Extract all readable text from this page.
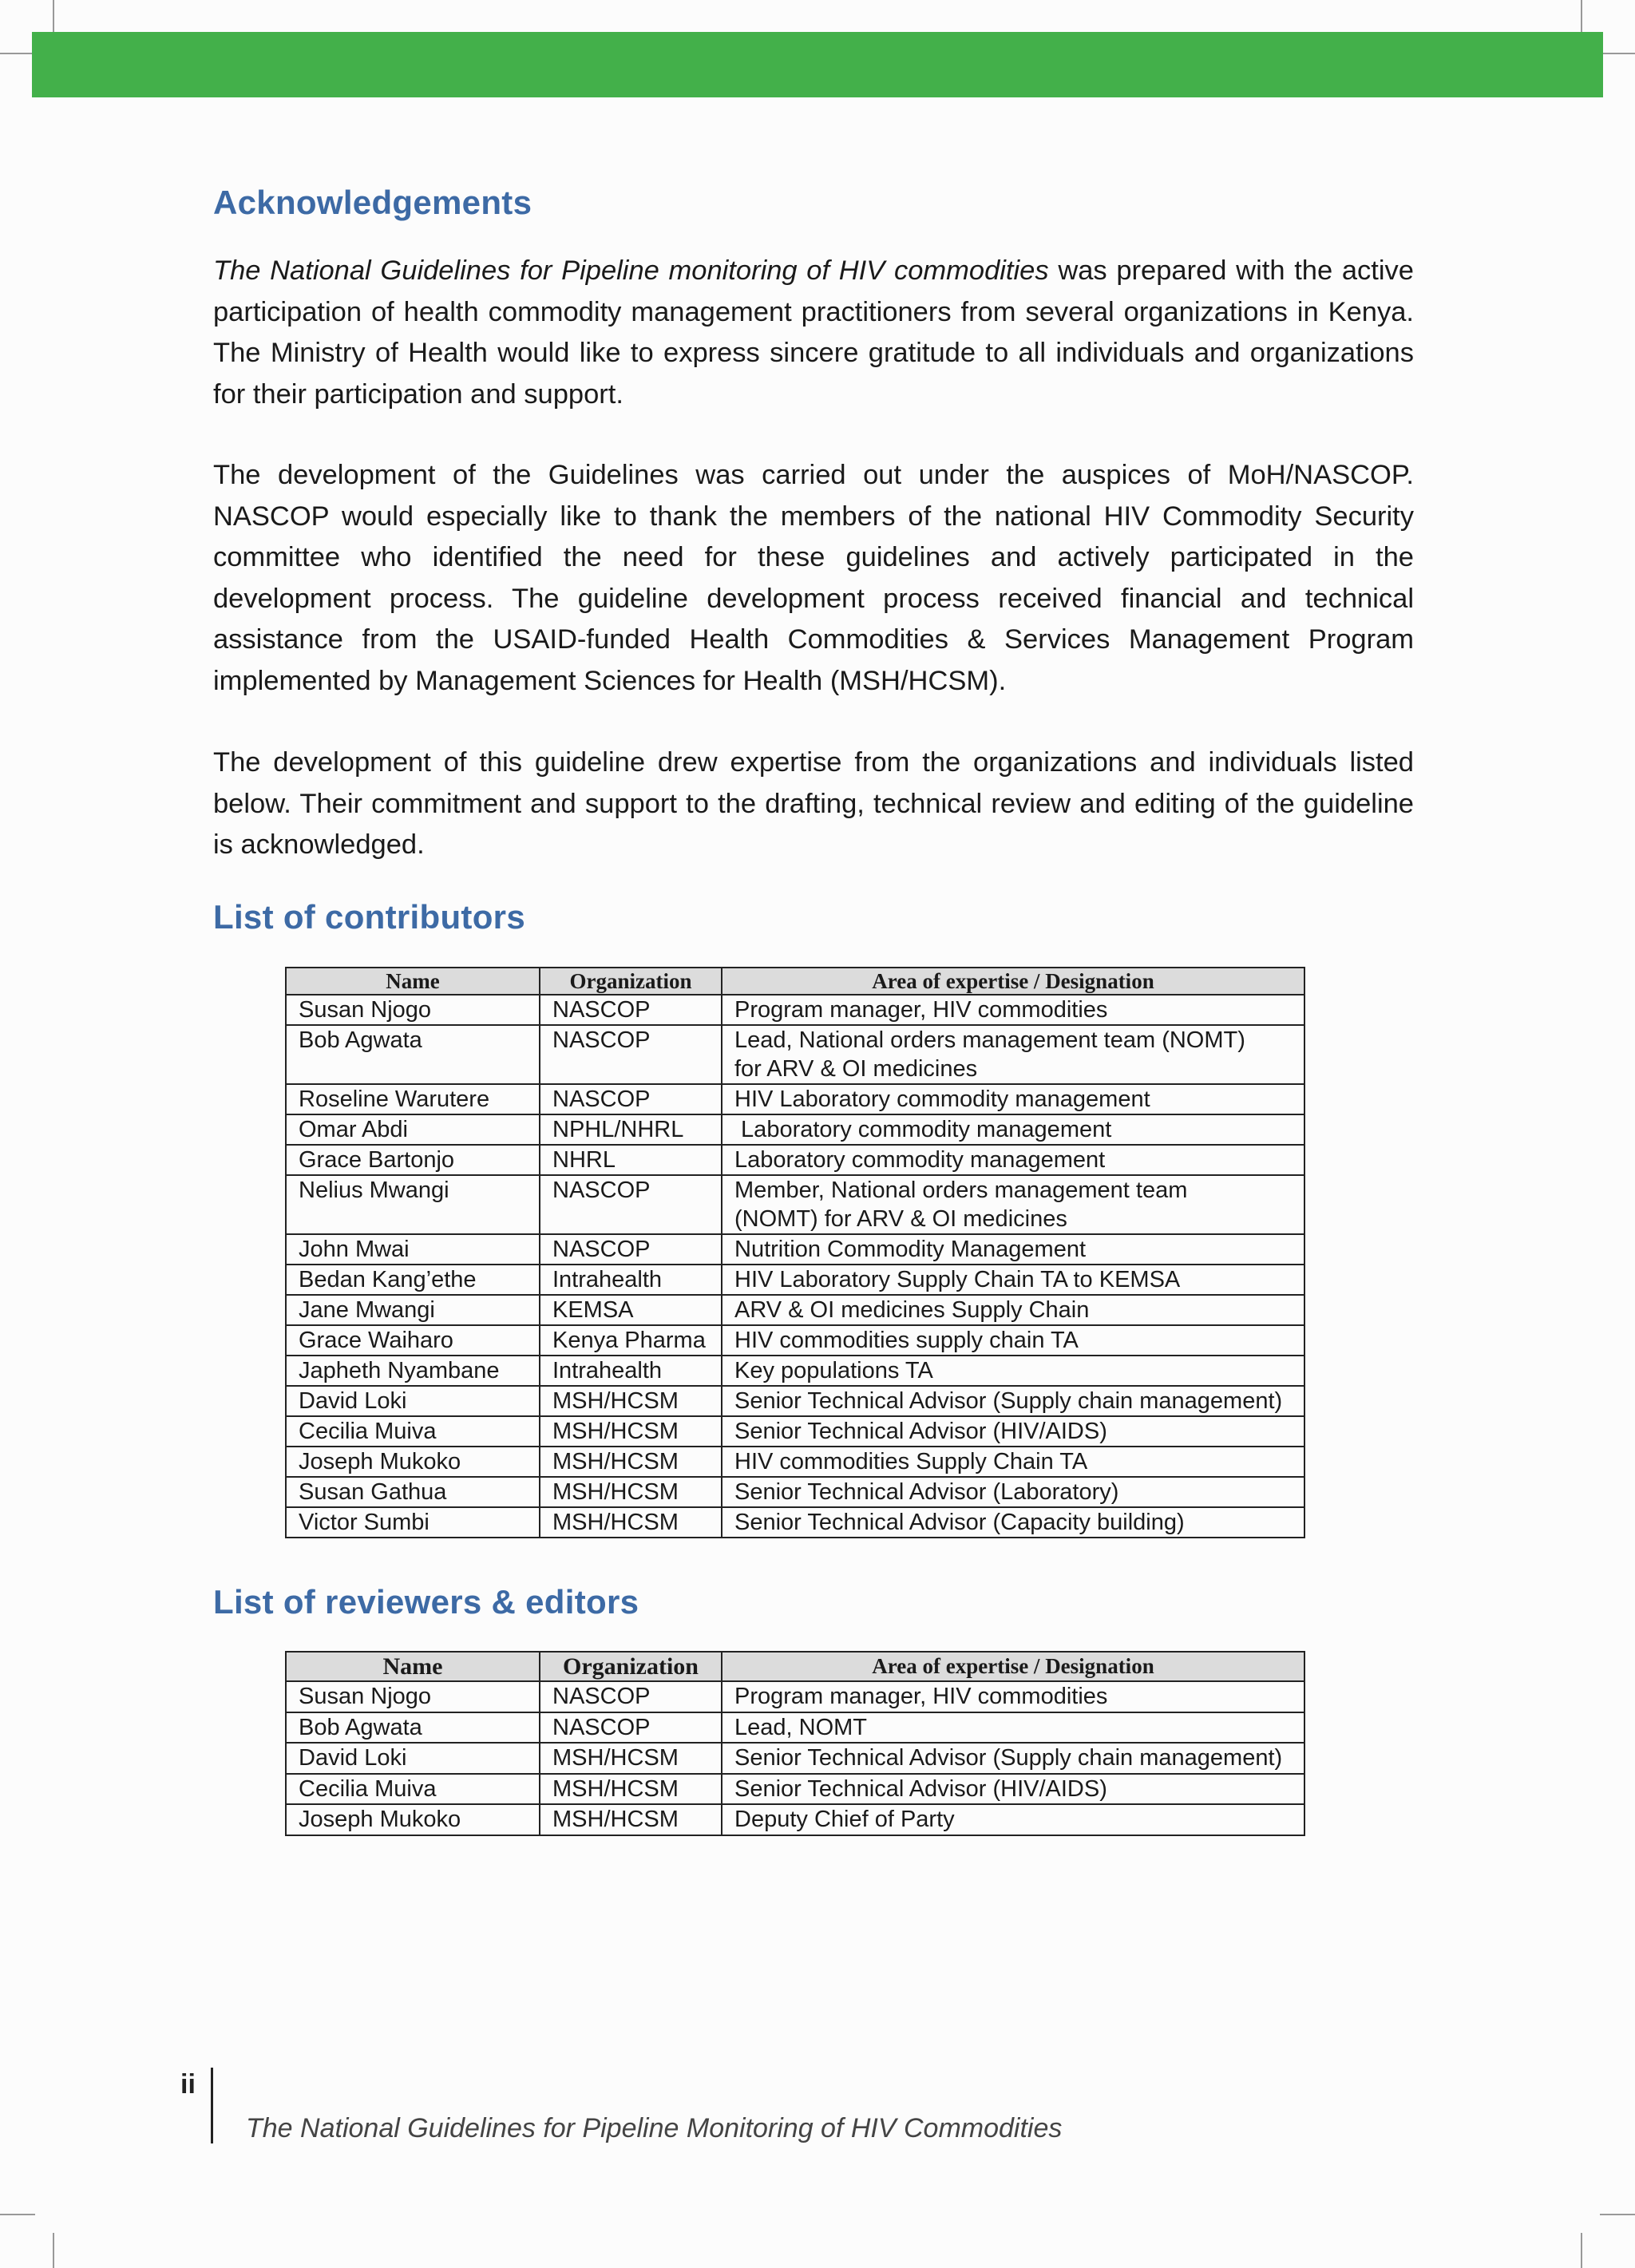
Acknowledgements

The National Guidelines for Pipeline monitoring of HIV commodities was prepared with the active participation of health commodity management practitioners from several organizations in Kenya. The Ministry of Health would like to express sincere gratitude to all individuals and organizations for their participation and support.

The development of the Guidelines was carried out under the auspices of MoH/NASCOP. NASCOP would especially like to thank the members of the national HIV Commodity Security committee who identified the need for these guidelines and actively participated in the development process. The guideline development process received financial and technical assistance from the USAID-funded Health Commodities & Services Management Program implemented by Management Sciences for Health (MSH/HCSM).

The development of this guideline drew expertise from the organizations and individuals listed below. Their commitment and support to the drafting, technical review and editing of the guideline is acknowledged.

List of contributors
Name	Organization	Area of expertise / Designation
Susan Njogo	NASCOP	Program manager, HIV commodities
Bob Agwata	NASCOP	Lead, National orders management team (NOMT)
for ARV & OI medicines
Roseline Warutere	NASCOP	HIV Laboratory commodity management
Omar Abdi	NPHL/NHRL	Laboratory commodity management
Grace Bartonjo	NHRL	Laboratory commodity management
Nelius Mwangi	NASCOP	Member, National orders management team
(NOMT) for ARV & OI medicines
John Mwai	NASCOP	Nutrition Commodity Management
Bedan Kang’ethe	Intrahealth	HIV Laboratory Supply Chain TA to KEMSA
Jane Mwangi	KEMSA	ARV & OI medicines Supply Chain
Grace Waiharo	Kenya Pharma	HIV commodities supply chain TA
Japheth Nyambane	Intrahealth	Key populations TA
David Loki	MSH/HCSM	Senior Technical Advisor (Supply chain management)
Cecilia Muiva	MSH/HCSM	Senior Technical Advisor (HIV/AIDS)
Joseph Mukoko	MSH/HCSM	HIV commodities Supply Chain TA
Susan Gathua	MSH/HCSM	Senior Technical Advisor (Laboratory)
Victor Sumbi	MSH/HCSM	Senior Technical Advisor (Capacity building)
List of reviewers & editors
Name	Organization	Area of expertise / Designation
Susan Njogo	NASCOP	Program manager, HIV commodities
Bob Agwata	NASCOP	Lead, NOMT
David Loki	MSH/HCSM	Senior Technical Advisor (Supply chain management)
Cecilia Muiva	MSH/HCSM	Senior Technical Advisor (HIV/AIDS)
Joseph Mukoko	MSH/HCSM	Deputy Chief of Party
ii
The National Guidelines for Pipeline Monitoring of HIV Commodities
